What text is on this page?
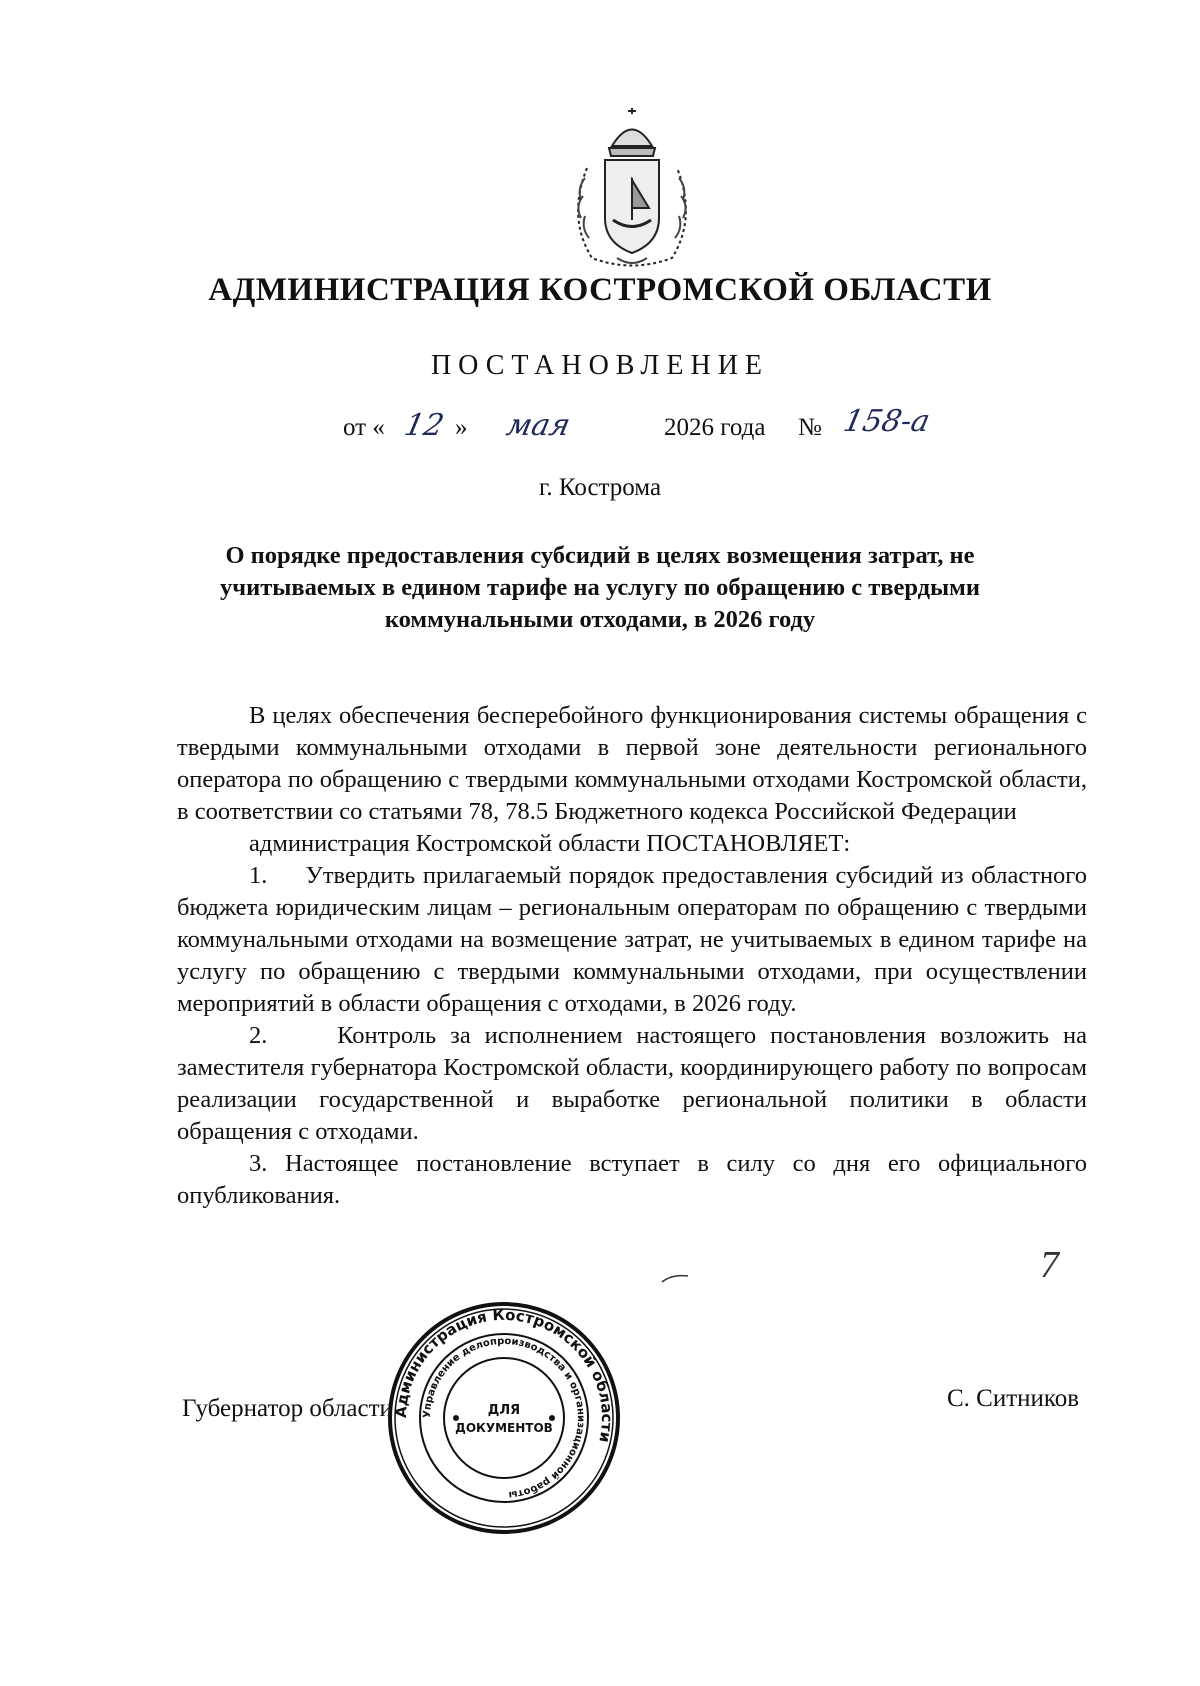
АДМИНИСТРАЦИЯ КОСТРОМСКОЙ ОБЛАСТИ
ПОСТАНОВЛЕНИЕ
от « 12 » мая	2026 года № 158-а
г. Кострома
О порядке предоставления субсидий в целях возмещения затрат, не учитываемых в едином тарифе на услугу по обращению с твердыми коммунальными отходами, в 2026 году

В целях обеспечения бесперебойного функционирования системы обращения с твердыми коммунальными отходами в первой зоне деятельности регионального оператора по обращению с твердыми коммунальными отходами Костромской области, в соответствии со статьями 78, 78.5 Бюджетного кодекса Российской Федерации

администрация Костромской области ПОСТАНОВЛЯЕТ:

1. Утвердить прилагаемый порядок предоставления субсидий из областного бюджета юридическим лицам – региональным операторам по обращению с твердыми коммунальными отходами на возмещение затрат, не учитываемых в едином тарифе на услугу по обращению с твердыми коммунальными отходами, при осуществлении мероприятий в области обращения с отходами, в 2026 году.

2.	Контроль за исполнением настоящего постановления возложить на заместителя губернатора Костромской области, координирующего работу по вопросам реализации государственной и выработке региональной политики в области обращения с отходами.

3. Настоящее постановление вступает в силу со дня его официального опубликования.

7
Губернатор области	С. Ситников
Администрация Костромской области
Управление делопроизводства и организационной работы
ДЛЯ
ДОКУМЕНТОВ
